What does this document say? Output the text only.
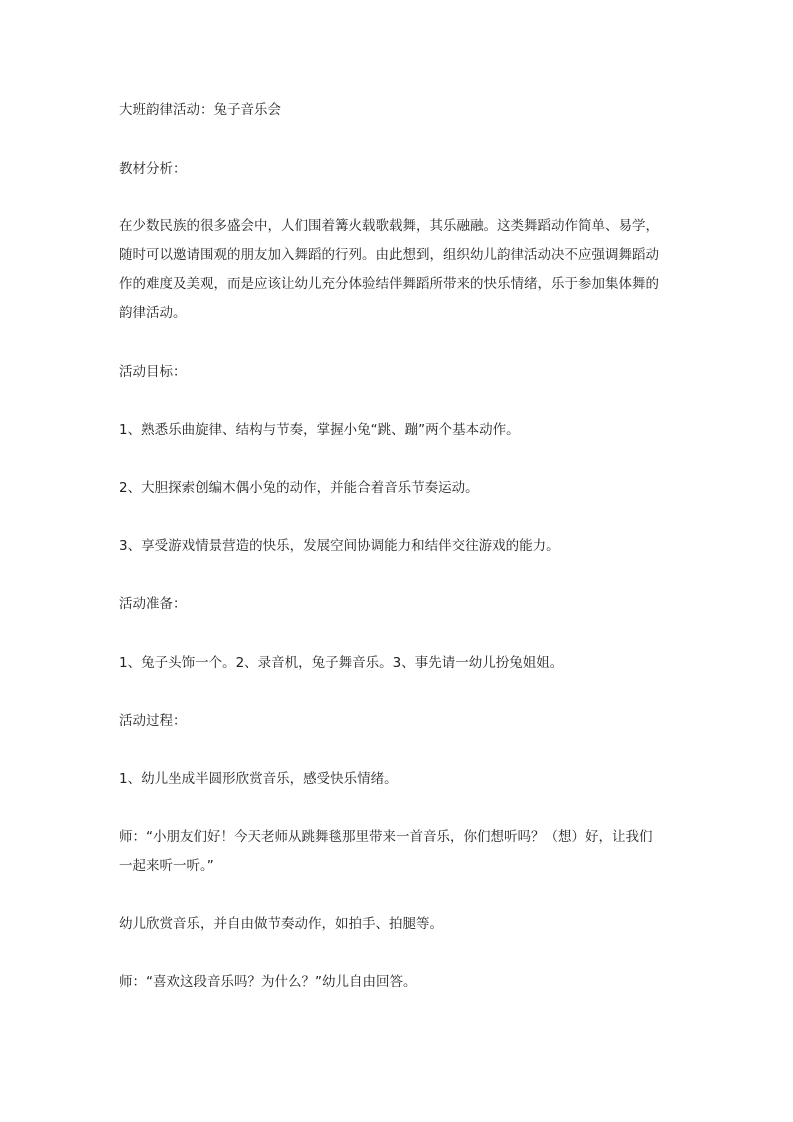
大班韵律活动：兔子音乐会
教材分析：
在少数民族的很多盛会中，人们围着篝火载歌载舞，其乐融融。这类舞蹈动作简单、易学，
随时可以邀请围观的朋友加入舞蹈的行列。由此想到，组织幼儿韵律活动决不应强调舞蹈动
作的难度及美观，而是应该让幼儿充分体验结伴舞蹈所带来的快乐情绪，乐于参加集体舞的
韵律活动。
活动目标：
1、熟悉乐曲旋律、结构与节奏，掌握小兔“跳、蹦”两个基本动作。
2、大胆探索创编木偶小兔的动作，并能合着音乐节奏运动。
3、享受游戏情景营造的快乐，发展空间协调能力和结伴交往游戏的能力。
活动准备：
1、兔子头饰一个。2、录音机，兔子舞音乐。3、事先请一幼儿扮兔姐姐。
活动过程：
1、幼儿坐成半圆形欣赏音乐，感受快乐情绪。
师：“小朋友们好！今天老师从跳舞毯那里带来一首音乐，你们想听吗？（想）好，让我们
一起来听一听。”
幼儿欣赏音乐，并自由做节奏动作，如拍手、拍腿等。
师：“喜欢这段音乐吗？为什么？”幼儿自由回答。
